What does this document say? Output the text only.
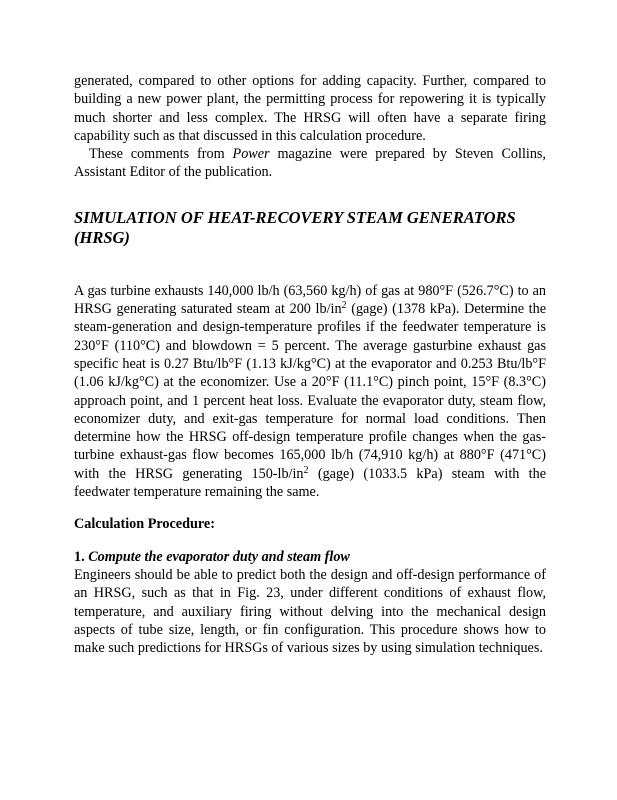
generated, compared to other options for adding capacity. Further, compared to building a new power plant, the permitting process for repowering it is typically much shorter and less complex. The HRSG will often have a separate firing capability such as that discussed in this calculation procedure.

These comments from Power magazine were prepared by Steven Collins, Assistant Editor of the publication.

SIMULATION OF HEAT-RECOVERY STEAM GENERATORS (HRSG)

A gas turbine exhausts 140,000 lb/h (63,560 kg/h) of gas at 980°F (526.7°C) to an HRSG generating saturated steam at 200 $lb/in^2$ (gage) (1378 kPa). Determine the steam-generation and design-temperature profiles if the feedwater temperature is 230°F (110°C) and blowdown = 5 percent. The average gasturbine exhaust gas specific heat is 0.27 Btu/lb°F (1.13 kJ/kg°C) at the evaporator and 0.253 Btu/lb°F (1.06 kJ/kg°C) at the economizer. Use a 20°F (11.1°C) pinch point, 15°F (8.3°C) approach point, and 1 percent heat loss. Evaluate the evaporator duty, steam flow, economizer duty, and exit-gas temperature for normal load conditions. Then determine how the HRSG off-design temperature profile changes when the gas-turbine exhaust-gas flow becomes 165,000 lb/h (74,910 kg/h) at 880°F (471°C) with the HRSG generating $150-lb/in^2$ (gage) (1033.5 kPa) steam with the feedwater temperature remaining the same.

Calculation Procedure:

1. Compute the evaporator duty and steam flow

Engineers should be able to predict both the design and off-design performance of an HRSG, such as that in Fig. 23, under different conditions of exhaust flow, temperature, and auxiliary firing without delving into the mechanical design aspects of tube size, length, or fin configuration. This procedure shows how to make such predictions for HRSGs of various sizes by using simulation techniques.
